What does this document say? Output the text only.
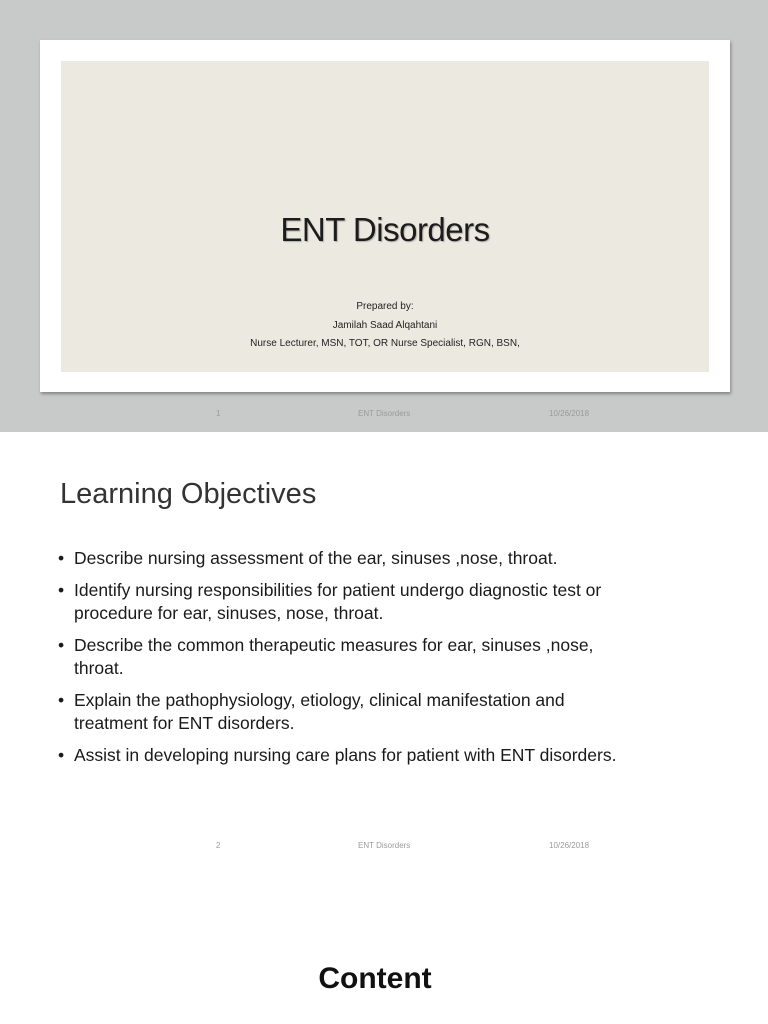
ENT Disorders
Prepared by:
Jamilah Saad Alqahtani
Nurse Lecturer, MSN, TOT, OR Nurse Specialist, RGN, BSN,
1	ENT Disorders	10/26/2018
Learning Objectives
• Describe nursing assessment of the ear, sinuses ,nose, throat.
• Identify nursing responsibilities for patient undergo diagnostic test or
procedure for ear, sinuses, nose, throat.
• Describe the common therapeutic measures for ear, sinuses ,nose,
throat.
• Explain the pathophysiology, etiology, clinical manifestation and
treatment for ENT disorders.
• Assist in developing nursing care plans for patient with ENT disorders.
2	ENT Disorders	10/26/2018
Content
